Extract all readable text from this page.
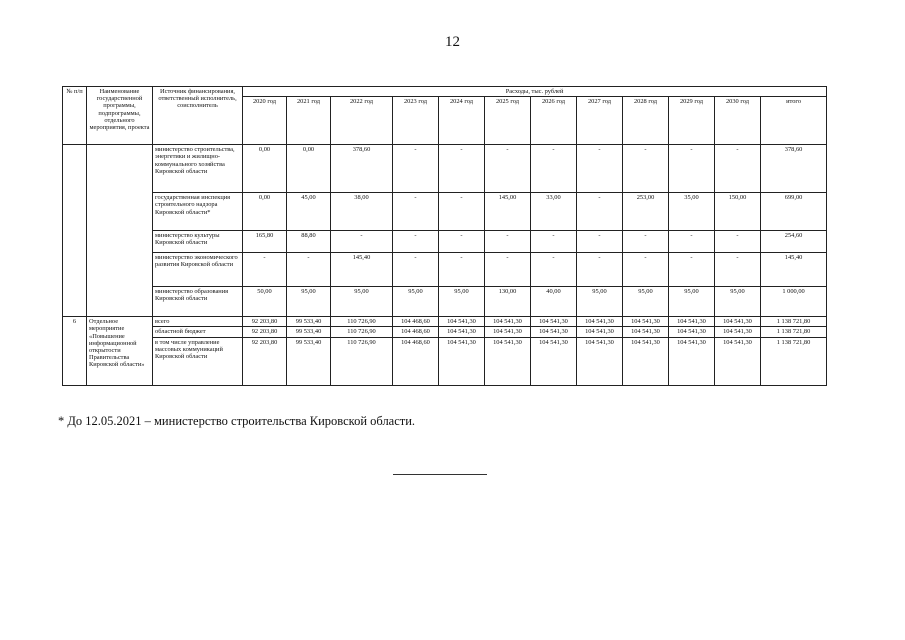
12
№ п/п	Наименование государственной программы, подпрограммы, отдельного мероприятия, проекта	Источник финансирования, ответственный исполнитель, соисполнитель	Расходы, тыс. рублей											
			2020 год	2021 год	2022 год	2023 год	2024 год	2025 год	2026 год	2027 год	2028 год	2029 год	2030 год	итого
		министерство строительства, энергетики и жилищно-коммунального хозяйства Кировской области	0,00	0,00	378,60	-	-	-	-	-	-	-	-	378,60
		государственная инспекция строительного надзора Кировской области*	0,00	45,00	38,00	-	-	145,00	33,00	-	253,00	35,00	150,00	699,00
		министерство культуры Кировской области	165,80	88,80	-	-	-	-	-	-	-	-	-	254,60
		министерство экономического развития Кировской области	-	-	145,40	-	-	-	-	-	-	-	-	145,40
		министерство образования Кировской области	50,00	95,00	95,00	95,00	95,00	130,00	40,00	95,00	95,00	95,00	95,00	1 000,00
6	Отдельное мероприятие «Повышение информационной открытости Правительства Кировской области»	всего	92 203,80	99 533,40	110 726,90	104 468,60	104 541,30	104 541,30	104 541,30	104 541,30	104 541,30	104 541,30	104 541,30	1 138 721,80
		областной бюджет	92 203,80	99 533,40	110 726,90	104 468,60	104 541,30	104 541,30	104 541,30	104 541,30	104 541,30	104 541,30	104 541,30	1 138 721,80
		в том числе управление массовых коммуникаций Кировской области	92 203,80	99 533,40	110 726,90	104 468,60	104 541,30	104 541,30	104 541,30	104 541,30	104 541,30	104 541,30	104 541,30	1 138 721,80
* До 12.05.2021 – министерство строительства Кировской области.
